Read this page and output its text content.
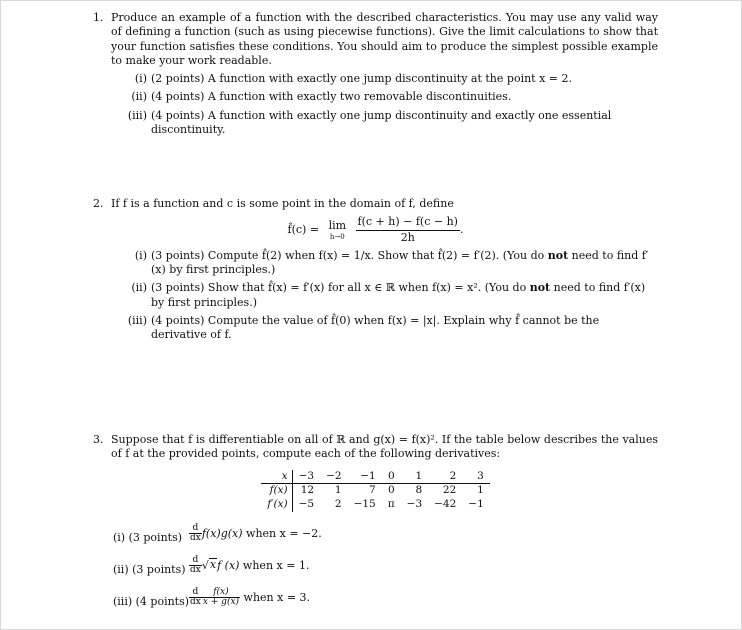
1. Produce an example of a function with the described characteristics. You may use any valid way of defining a function (such as using piecewise functions). Give the limit calculations to show that your function satisfies these conditions. You should aim to produce the simplest possible example to make your work readable.
(i) (2 points) A function with exactly one jump discontinuity at the point x = 2.
(ii) (4 points) A function with exactly two removable discontinuities.
(iii) (4 points) A function with exactly one jump discontinuity and exactly one essential discontinuity.
2. If f is a function and c is some point in the domain of f, define
f̂(c) = lim
h→0
$\frac{f(c + h) - f(c - h)}{2h}$ .
(i) (3 points) Compute f̂(2) when f(x) = 1/x. Show that f̂(2) = f′(2). (You do not need to find f′(x) by first principles.)
(ii) (3 points) Show that f̂(x) = f′(x) for all x ∈ ℝ when f(x) = x². (You do not need to find f′(x) by first principles.)
(iii) (4 points) Compute the value of f̂(0) when f(x) = |x|. Explain why f̂ cannot be the derivative of f.
3. Suppose that f is differentiable on all of ℝ and g(x) = f(x)². If the table below describes the values of f at the provided points, compute each of the following derivatives:
x	−3	−2	−1	0	1	2	3
f(x)	12	1	7	0	8	22	1
f′(x)	−5	2	−15	π	−3	−42	−1
(i) (3 points) $\frac{d}{dx} f(x)g(x)$ when x = −2.
(ii) (3 points) $\frac{d}{dx} √xf$ (x) when x = 1.
(iii) (4 points) $\frac{d}{dx} \frac{f(x)}{x + g(x)}$ when x = 3.
